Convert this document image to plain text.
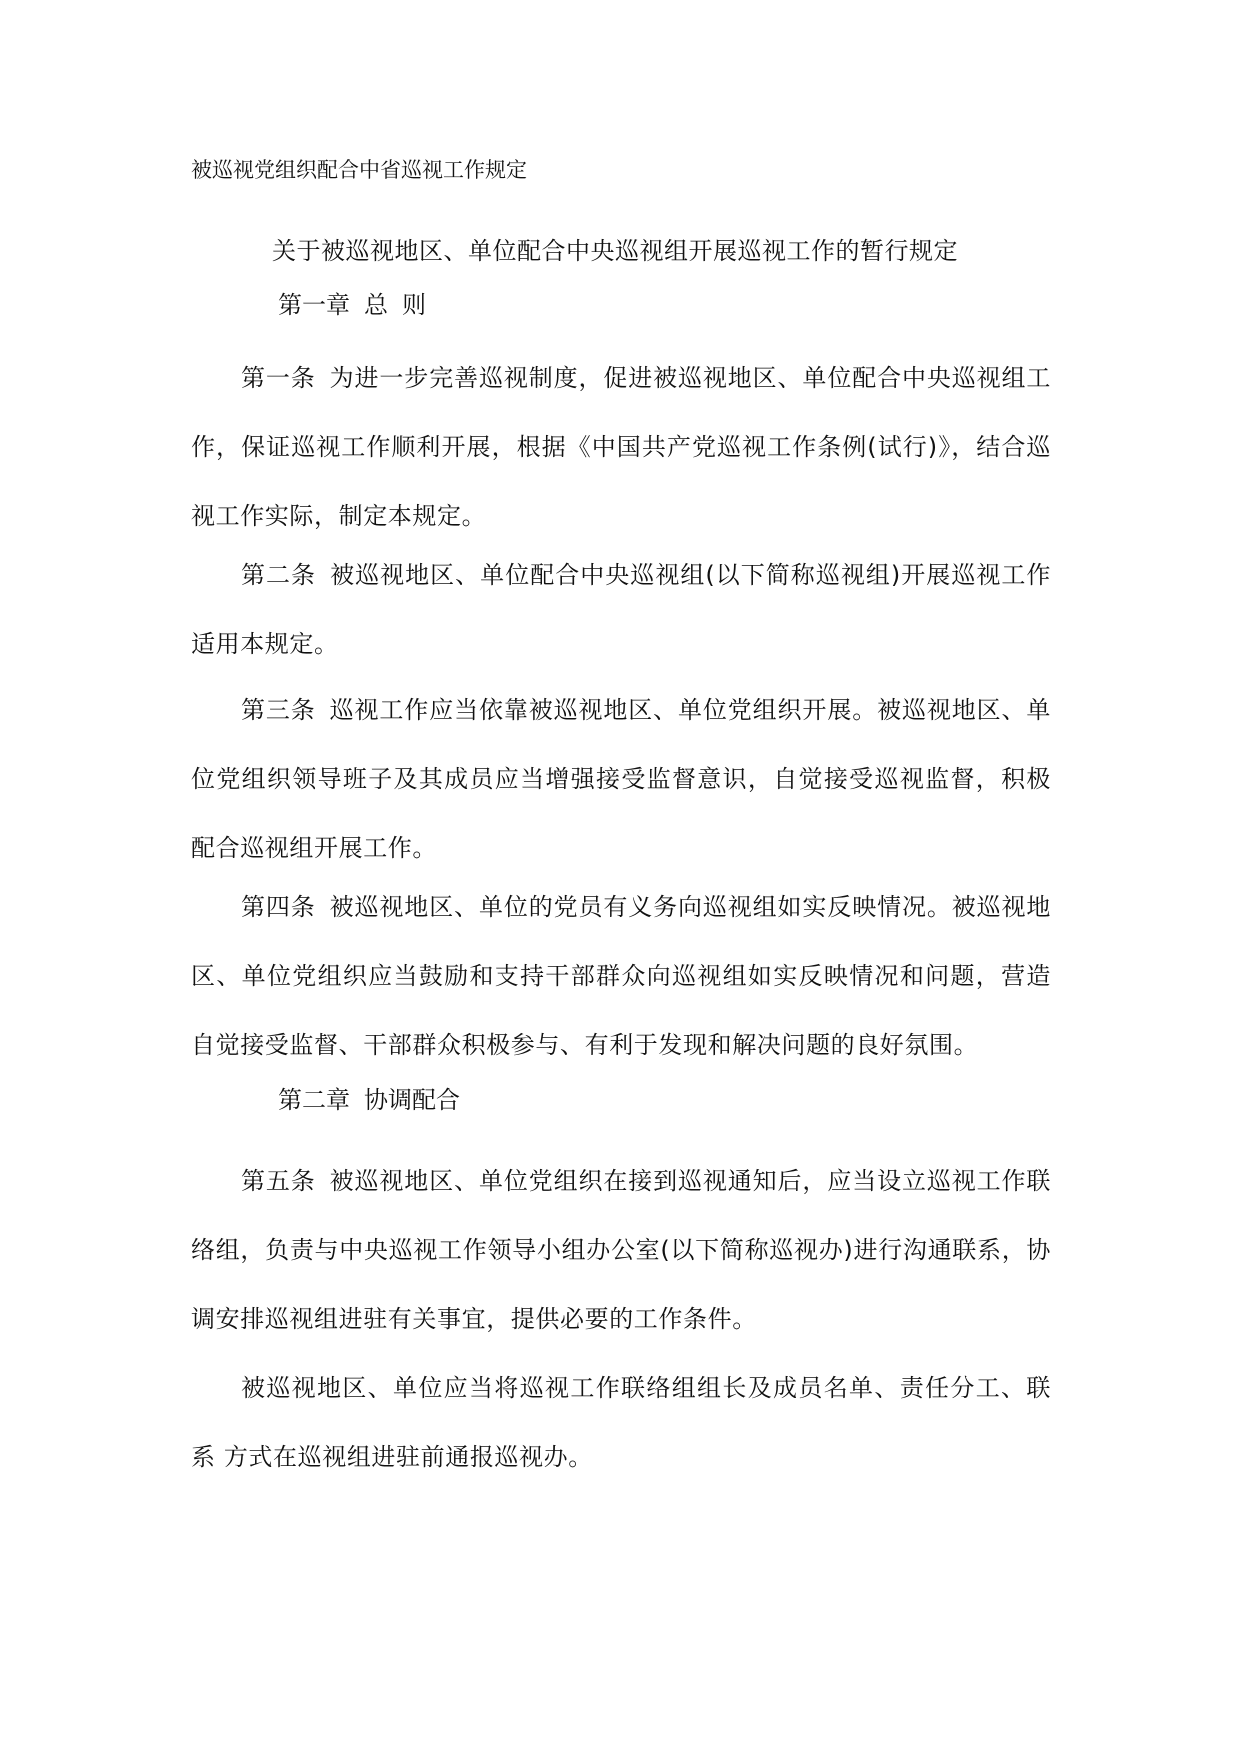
被巡视党组织配合中省巡视工作规定
关于被巡视地区、单位配合中央巡视组开展巡视工作的暂行规定
第一章 总 则
第一条 为进一步完善巡视制度，促进被巡视地区、单位配合中央巡视组工作，保证巡视工作顺利开展，根据《中国共产党巡视工作条例(试行)》，结合巡视工作实际，制定本规定。
第二条 被巡视地区、单位配合中央巡视组(以下简称巡视组)开展巡视工作适用本规定。
第三条 巡视工作应当依靠被巡视地区、单位党组织开展。被巡视地区、单位党组织领导班子及其成员应当增强接受监督意识，自觉接受巡视监督，积极配合巡视组开展工作。
第四条 被巡视地区、单位的党员有义务向巡视组如实反映情况。被巡视地区、单位党组织应当鼓励和支持干部群众向巡视组如实反映情况和问题，营造自觉接受监督、干部群众积极参与、有利于发现和解决问题的良好氛围。
第二章 协调配合
第五条 被巡视地区、单位党组织在接到巡视通知后，应当设立巡视工作联络组，负责与中央巡视工作领导小组办公室(以下简称巡视办)进行沟通联系，协调安排巡视组进驻有关事宜，提供必要的工作条件。
被巡视地区、单位应当将巡视工作联络组组长及成员名单、责任分工、联系 方式在巡视组进驻前通报巡视办。
